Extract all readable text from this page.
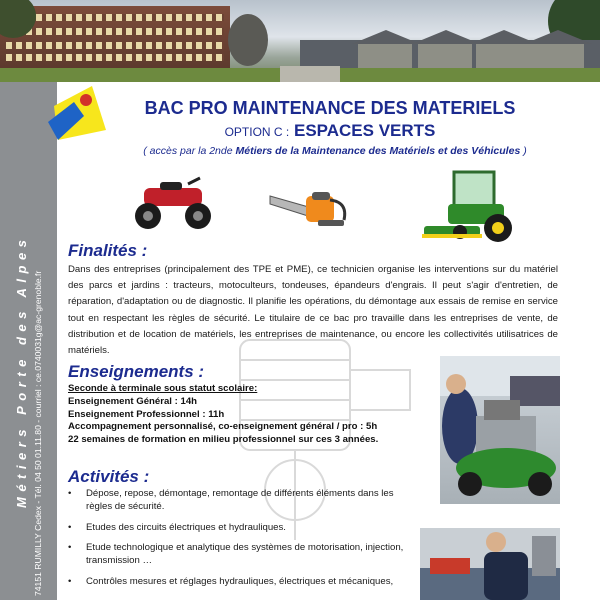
Métiers Porte des Alpes 74151 RUMILLY Cedex - Tél. 04 50 01.11.80 - courriel : ce.0740031g@ac-grenoble.fr
BAC PRO MAINTENANCE DES MATERIELS
OPTION C : ESPACES VERTS
( accès par la 2nde Métiers de la Maintenance des Matériels et des Véhicules )
Finalités :
Dans des entreprises (principalement des TPE et PME), ce technicien organise les interventions sur du matériel des parcs et jardins : tracteurs, motoculteurs, tondeuses, épandeurs d'engrais. Il peut s'agir d'entretien, de réparation, d'adaptation ou de diagnostic. Il planifie les opérations, du démontage aux essais de remise en service tout en respectant les règles de sécurité. Le titulaire de ce bac pro travaille dans les entreprises de vente, de distribution et de location de matériels, les entreprises de maintenance, ou encore les collectivités utilisatrices de matériels.
Enseignements :
Seconde à terminale sous statut scolaire:
Enseignement Général : 14h
Enseignement Professionnel : 11h
Accompagnement personnalisé, co-enseignement général / pro : 5h
22 semaines de formation en milieu professionnel sur ces 3 années.
Activités :
• Dépose, repose, démontage, remontage de différents éléments dans les règles de sécurité.
• Etudes des circuits électriques et hydrauliques.
• Etude technologique et analytique des systèmes de motorisation, injection, transmission …
• Contrôles mesures et réglages hydrauliques, électriques et mécaniques,
